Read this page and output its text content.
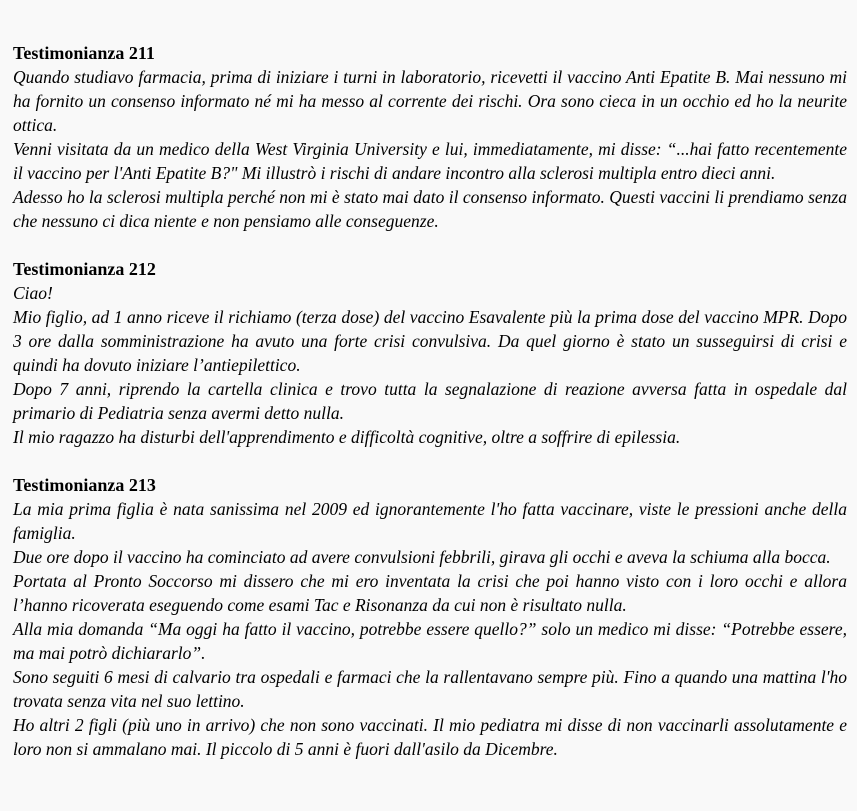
Testimonianza 211
Quando studiavo farmacia, prima di iniziare i turni in laboratorio, ricevetti il vaccino Anti Epatite B. Mai nessuno mi ha fornito un consenso informato né mi ha messo al corrente dei rischi. Ora sono cieca in un occhio ed ho la neurite ottica.
Venni visitata da un medico della West Virginia University e lui, immediatamente, mi disse: “...hai fatto recentemente il vaccino per l'Anti Epatite B?" Mi illustrò i rischi di andare incontro alla sclerosi multipla entro dieci anni.
Adesso ho la sclerosi multipla perché non mi è stato mai dato il consenso informato. Questi vaccini li prendiamo senza che nessuno ci dica niente e non pensiamo alle conseguenze.
Testimonianza 212
Ciao!
Mio figlio, ad 1 anno riceve il richiamo (terza dose) del vaccino Esavalente più la prima dose del vaccino MPR. Dopo 3 ore dalla somministrazione ha avuto una forte crisi convulsiva. Da quel giorno è stato un susseguirsi di crisi e quindi ha dovuto iniziare l’antiepilettico.
Dopo 7 anni, riprendo la cartella clinica e trovo tutta la segnalazione di reazione avversa fatta in ospedale dal primario di Pediatria senza avermi detto nulla.
Il mio ragazzo ha disturbi dell'apprendimento e difficoltà cognitive, oltre a soffrire di epilessia.
Testimonianza 213
La mia prima figlia è nata sanissima nel 2009 ed ignorantemente l'ho fatta vaccinare, viste le pressioni anche della famiglia.
Due ore dopo il vaccino ha cominciato ad avere convulsioni febbrili, girava gli occhi e aveva la schiuma alla bocca.
Portata al Pronto Soccorso mi dissero che mi ero inventata la crisi che poi hanno visto con i loro occhi e allora l’hanno ricoverata eseguendo come esami Tac e Risonanza da cui non è risultato nulla.
Alla mia domanda “Ma oggi ha fatto il vaccino, potrebbe essere quello?” solo un medico mi disse: “Potrebbe essere, ma mai potrò dichiararlo”.
Sono seguiti 6 mesi di calvario tra ospedali e farmaci che la rallentavano sempre più. Fino a quando una mattina l'ho trovata senza vita nel suo lettino.
Ho altri 2 figli (più uno in arrivo) che non sono vaccinati. Il mio pediatra mi disse di non vaccinarli assolutamente e loro non si ammalano mai. Il piccolo di 5 anni è fuori dall'asilo da Dicembre.
